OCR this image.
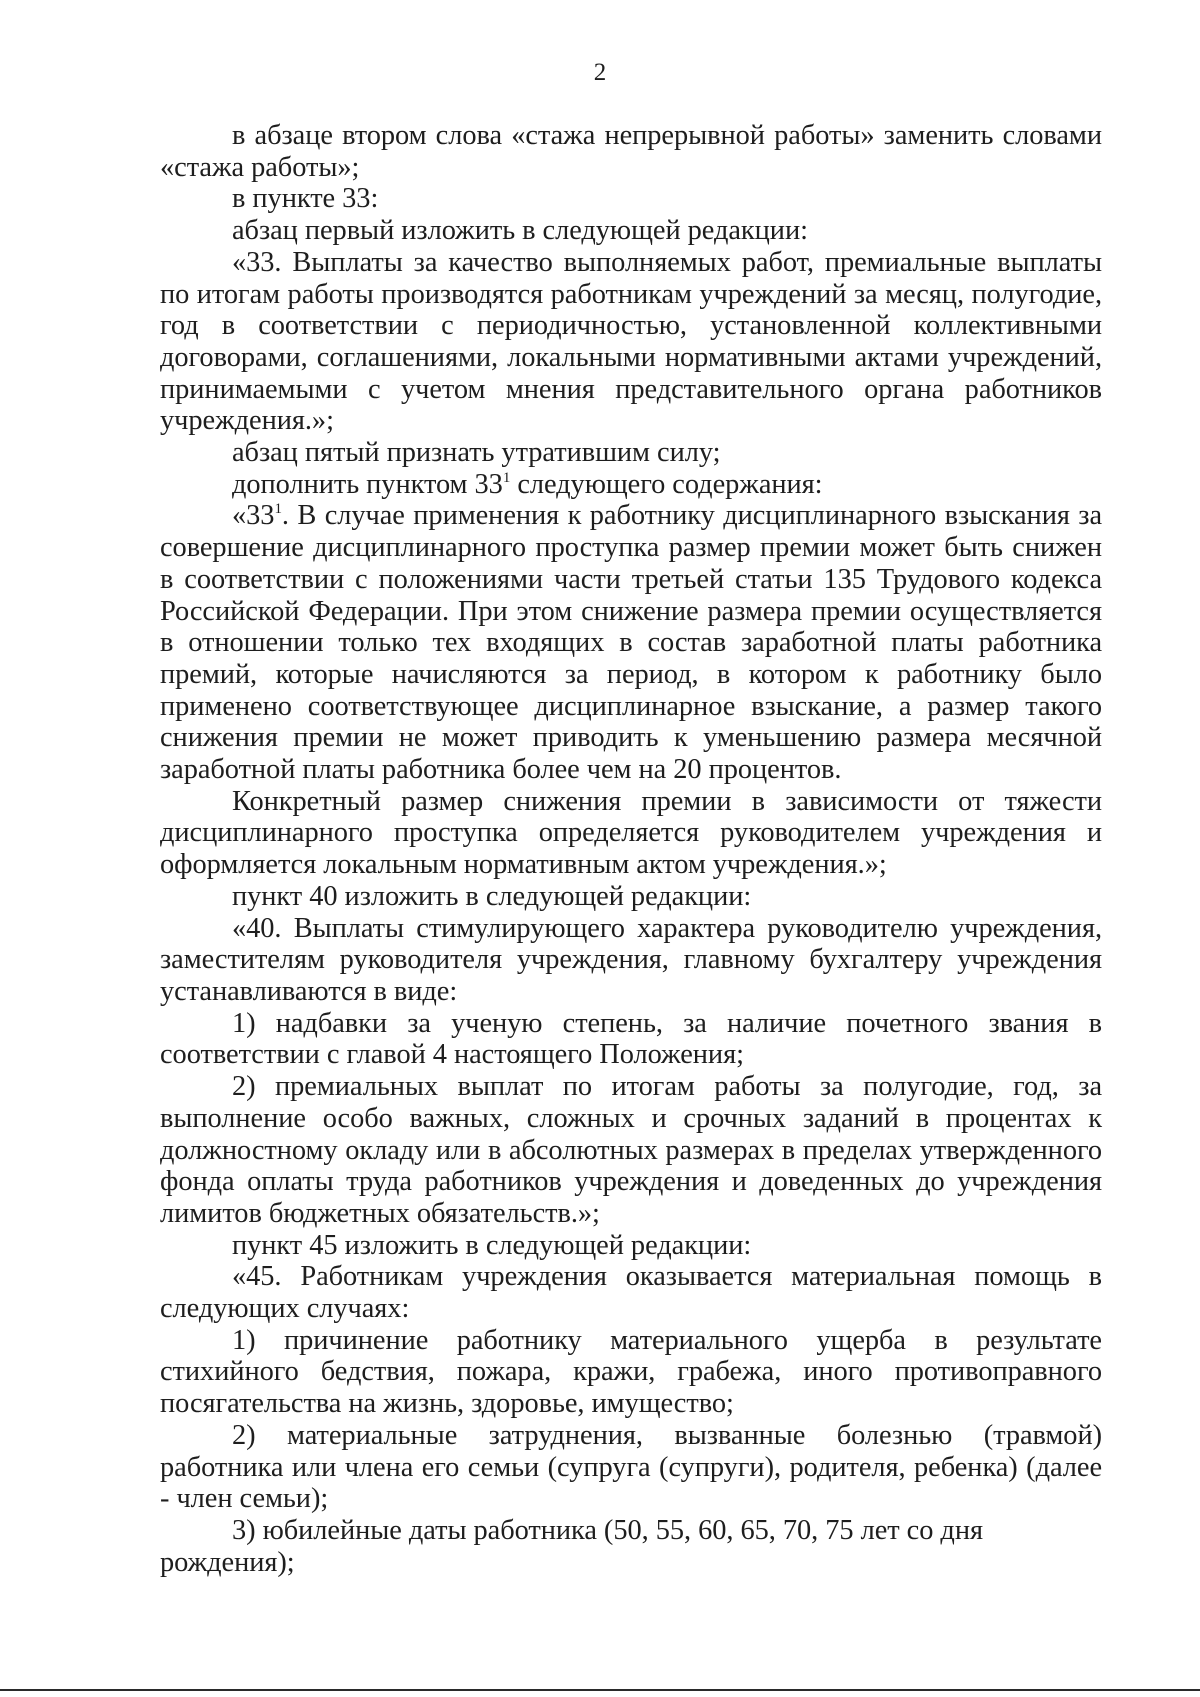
2

в абзаце втором слова «стажа непрерывной работы» заменить словами «стажа работы»;

в пункте 33:

абзац первый изложить в следующей редакции:

«33. Выплаты за качество выполняемых работ, премиальные выплаты по итогам работы производятся работникам учреждений за месяц, полугодие, год в соответствии с периодичностью, установленной коллективными договорами, соглашениями, локальными нормативными актами учреждений, принимаемыми с учетом мнения представительного органа работников учреждения.»;

абзац пятый признать утратившим силу;

дополнить пунктом $33^1$ следующего содержания:

«$33^1$. В случае применения к работнику дисциплинарного взыскания за совершение дисциплинарного проступка размер премии может быть снижен в соответствии с положениями части третьей статьи 135 Трудового кодекса Российской Федерации. При этом снижение размера премии осуществляется в отношении только тех входящих в состав заработной платы работника премий, которые начисляются за период, в котором к работнику было применено соответствующее дисциплинарное взыскание, а размер такого снижения премии не может приводить к уменьшению размера месячной заработной платы работника более чем на 20 процентов.

Конкретный размер снижения премии в зависимости от тяжести дисциплинарного проступка определяется руководителем учреждения и оформляется локальным нормативным актом учреждения.»;

пункт 40 изложить в следующей редакции:

«40. Выплаты стимулирующего характера руководителю учреждения, заместителям руководителя учреждения, главному бухгалтеру учреждения устанавливаются в виде:

1) надбавки за ученую степень, за наличие почетного звания в соответствии с главой 4 настоящего Положения;

2) премиальных выплат по итогам работы за полугодие, год, за выполнение особо важных, сложных и срочных заданий в процентах к должностному окладу или в абсолютных размерах в пределах утвержденного фонда оплаты труда работников учреждения и доведенных до учреждения лимитов бюджетных обязательств.»;

пункт 45 изложить в следующей редакции:

«45. Работникам учреждения оказывается материальная помощь в следующих случаях:

1) причинение работнику материального ущерба в результате стихийного бедствия, пожара, кражи, грабежа, иного противоправного посягательства на жизнь, здоровье, имущество;

2) материальные затруднения, вызванные болезнью (травмой) работника или члена его семьи (супруга (супруги), родителя, ребенка) (далее - член семьи);

3) юбилейные даты работника (50, 55, 60, 65, 70, 75 лет со дня рождения);
